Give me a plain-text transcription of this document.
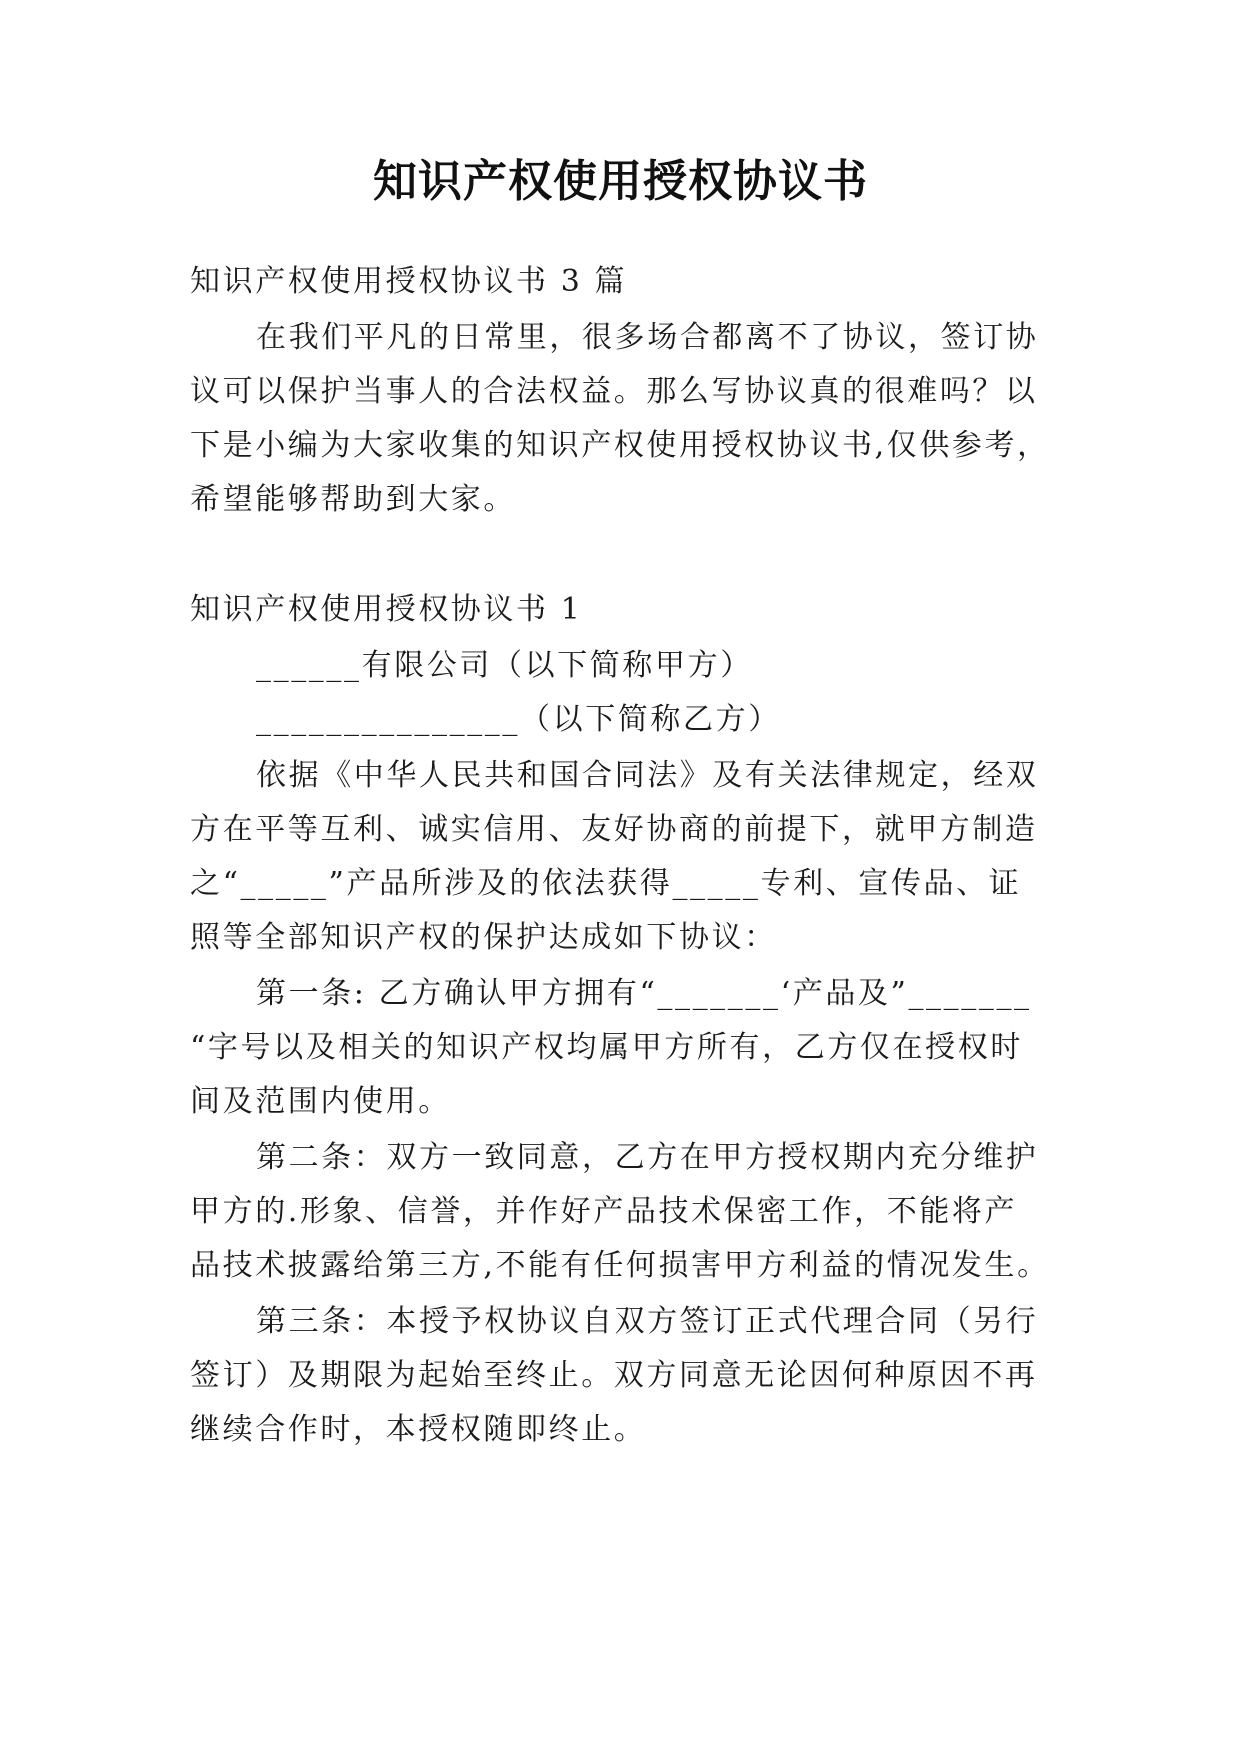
知识产权使用授权协议书
知识产权使用授权协议书 3 篇
在我们平凡的日常里，很多场合都离不了协议，签订协
议可以保护当事人的合法权益。那么写协议真的很难吗？以
下是小编为大家收集的知识产权使用授权协议书,仅供参考，
希望能够帮助到大家。
知识产权使用授权协议书 1
______有限公司（以下简称甲方）
_______________（以下简称乙方）
依据《中华人民共和国合同法》及有关法律规定，经双
方在平等互利、诚实信用、友好协商的前提下，就甲方制造
之“_____”产品所涉及的依法获得_____专利、宣传品、证
照等全部知识产权的保护达成如下协议：
第一条: 乙方确认甲方拥有“_______‘产品及”_______
“字号以及相关的知识产权均属甲方所有，乙方仅在授权时
间及范围内使用。
第二条：双方一致同意，乙方在甲方授权期内充分维护
甲方的.形象、信誉，并作好产品技术保密工作，不能将产
品技术披露给第三方,不能有任何损害甲方利益的情况发生。
第三条：本授予权协议自双方签订正式代理合同（另行
签订）及期限为起始至终止。双方同意无论因何种原因不再
继续合作时，本授权随即终止。
